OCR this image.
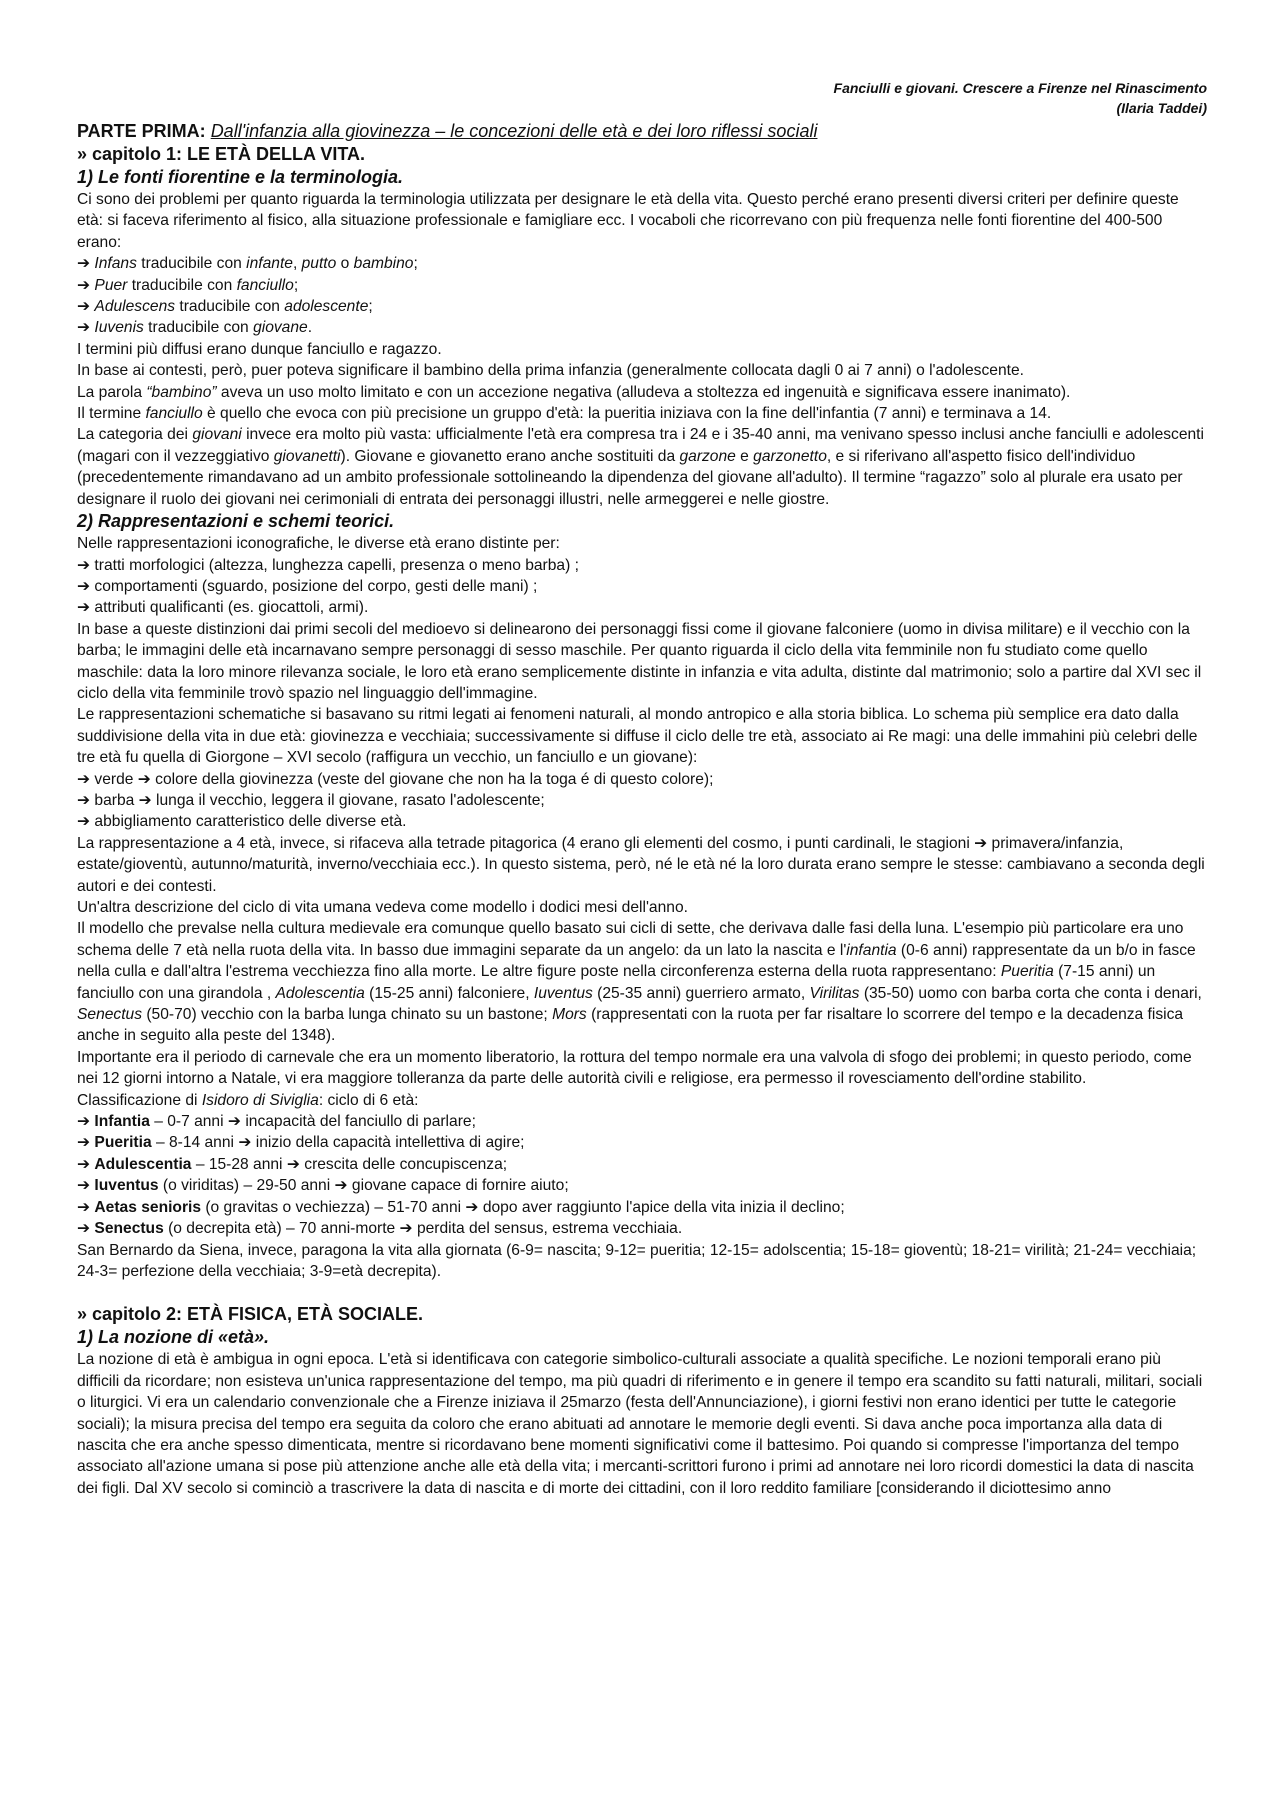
Fanciulli e giovani. Crescere a Firenze nel Rinascimento
(Ilaria Taddei)
PARTE PRIMA: Dall'infanzia alla giovinezza – le concezioni delle età e dei loro riflessi sociali
» capitolo 1: LE ETÀ DELLA VITA.
1) Le fonti fiorentine e la terminologia.

Ci sono dei problemi per quanto riguarda la terminologia utilizzata per designare le età della vita. Questo perché erano presenti diversi criteri per definire queste età: si faceva riferimento al fisico, alla situazione professionale e famigliare ecc. I vocaboli che ricorrevano con più frequenza nelle fonti fiorentine del 400-500 erano:

➔ Infans traducibile con infante, putto o bambino;
➔ Puer traducibile con fanciullo;
➔ Adulescens traducibile con adolescente;
➔ Iuvenis traducibile con giovane.

I termini più diffusi erano dunque fanciullo e ragazzo.

In base ai contesti, però, puer poteva significare il bambino della prima infanzia (generalmente collocata dagli 0 ai 7 anni) o l'adolescente.

La parola “bambino” aveva un uso molto limitato e con un accezione negativa (alludeva a stoltezza ed ingenuità e significava essere inanimato).

Il termine fanciullo è quello che evoca con più precisione un gruppo d'età: la pueritia iniziava con la fine dell'infantia (7 anni) e terminava a 14.

La categoria dei giovani invece era molto più vasta: ufficialmente l'età era compresa tra i 24 e i 35-40 anni, ma venivano spesso inclusi anche fanciulli e adolescenti (magari con il vezzeggiativo giovanetti). Giovane e giovanetto erano anche sostituiti da garzone e garzonetto, e si riferivano all'aspetto fisico dell'individuo (precedentemente rimandavano ad un ambito professionale sottolineando la dipendenza del giovane all'adulto). Il termine “ragazzo” solo al plurale era usato per designare il ruolo dei giovani nei cerimoniali di entrata dei personaggi illustri, nelle armeggerei e nelle giostre.

2) Rappresentazioni e schemi teorici.

Nelle rappresentazioni iconografiche, le diverse età erano distinte per:

➔ tratti morfologici (altezza, lunghezza capelli, presenza o meno barba) ;
➔ comportamenti (sguardo, posizione del corpo, gesti delle mani) ;
➔ attributi qualificanti (es. giocattoli, armi).

In base a queste distinzioni dai primi secoli del medioevo si delinearono dei personaggi fissi come il giovane falconiere (uomo in divisa militare) e il vecchio con la barba; le immagini delle età incarnavano sempre personaggi di sesso maschile. Per quanto riguarda il ciclo della vita femminile non fu studiato come quello maschile: data la loro minore rilevanza sociale, le loro età erano semplicemente distinte in infanzia e vita adulta, distinte dal matrimonio; solo a partire dal XVI sec il ciclo della vita femminile trovò spazio nel linguaggio dell'immagine.

Le rappresentazioni schematiche si basavano su ritmi legati ai fenomeni naturali, al mondo antropico e alla storia biblica. Lo schema più semplice era dato dalla suddivisione della vita in due età: giovinezza e vecchiaia; successivamente si diffuse il ciclo delle tre età, associato ai Re magi: una delle immahini più celebri delle tre età fu quella di Giorgone – XVI secolo (raffigura un vecchio, un fanciullo e un giovane):

➔ verde ➔ colore della giovinezza (veste del giovane che non ha la toga é di questo colore);
➔ barba ➔ lunga il vecchio, leggera il giovane, rasato l'adolescente;
➔ abbigliamento caratteristico delle diverse età.

La rappresentazione a 4 età, invece, si rifaceva alla tetrade pitagorica (4 erano gli elementi del cosmo, i punti cardinali, le stagioni ➔ primavera/infanzia, estate/gioventù, autunno/maturità, inverno/vecchiaia ecc.). In questo sistema, però, né le età né la loro durata erano sempre le stesse: cambiavano a seconda degli autori e dei contesti.

Un'altra descrizione del ciclo di vita umana vedeva come modello i dodici mesi dell'anno.

Il modello che prevalse nella cultura medievale era comunque quello basato sui cicli di sette, che derivava dalle fasi della luna. L'esempio più particolare era uno schema delle 7 età nella ruota della vita. In basso due immagini separate da un angelo: da un lato la nascita e l'infantia (0-6 anni) rappresentate da un b/o in fasce nella culla e dall'altra l'estrema vecchiezza fino alla morte. Le altre figure poste nella circonferenza esterna della ruota rappresentano: Pueritia (7-15 anni) un fanciullo con una girandola , Adolescentia (15-25 anni) falconiere, Iuventus (25-35 anni) guerriero armato, Virilitas (35-50) uomo con barba corta che conta i denari, Senectus (50-70) vecchio con la barba lunga chinato su un bastone; Mors (rappresentati con la ruota per far risaltare lo scorrere del tempo e la decadenza fisica anche in seguito alla peste del 1348).

Importante era il periodo di carnevale che era un momento liberatorio, la rottura del tempo normale era una valvola di sfogo dei problemi; in questo periodo, come nei 12 giorni intorno a Natale, vi era maggiore tolleranza da parte delle autorità civili e religiose, era permesso il rovesciamento dell'ordine stabilito.

Classificazione di Isidoro di Siviglia: ciclo di 6 età:

➔ Infantia – 0-7 anni ➔ incapacità del fanciullo di parlare;
➔ Pueritia – 8-14 anni ➔ inizio della capacità intellettiva di agire;
➔ Adulescentia – 15-28 anni ➔ crescita delle concupiscenza;
➔ Iuventus (o viriditas) – 29-50 anni ➔ giovane capace di fornire aiuto;
➔ Aetas senioris (o gravitas o vechiezza) – 51-70 anni ➔ dopo aver raggiunto l'apice della vita inizia il declino;
➔ Senectus (o decrepita età) – 70 anni-morte ➔ perdita del sensus, estrema vecchiaia.

San Bernardo da Siena, invece, paragona la vita alla giornata (6-9= nascita; 9-12= pueritia; 12-15= adolscentia; 15-18= gioventù; 18-21= virilità; 21-24= vecchiaia; 24-3= perfezione della vecchiaia; 3-9=età decrepita).

» capitolo 2: ETÀ FISICA, ETÀ SOCIALE.
1) La nozione di «età».

La nozione di età è ambigua in ogni epoca. L'età si identificava con categorie simbolico-culturali associate a qualità specifiche. Le nozioni temporali erano più difficili da ricordare; non esisteva un'unica rappresentazione del tempo, ma più quadri di riferimento e in genere il tempo era scandito su fatti naturali, militari, sociali o liturgici. Vi era un calendario convenzionale che a Firenze iniziava il 25marzo (festa dell'Annunciazione), i giorni festivi non erano identici per tutte le categorie sociali); la misura precisa del tempo era seguita da coloro che erano abituati ad annotare le memorie degli eventi. Si dava anche poca importanza alla data di nascita che era anche spesso dimenticata, mentre si ricordavano bene momenti significativi come il battesimo. Poi quando si compresse l'importanza del tempo associato all'azione umana si pose più attenzione anche alle età della vita; i mercanti-scrittori furono i primi ad annotare nei loro ricordi domestici la data di nascita dei figli. Dal XV secolo si cominciò a trascrivere la data di nascita e di morte dei cittadini, con il loro reddito familiare [considerando il diciottesimo anno
